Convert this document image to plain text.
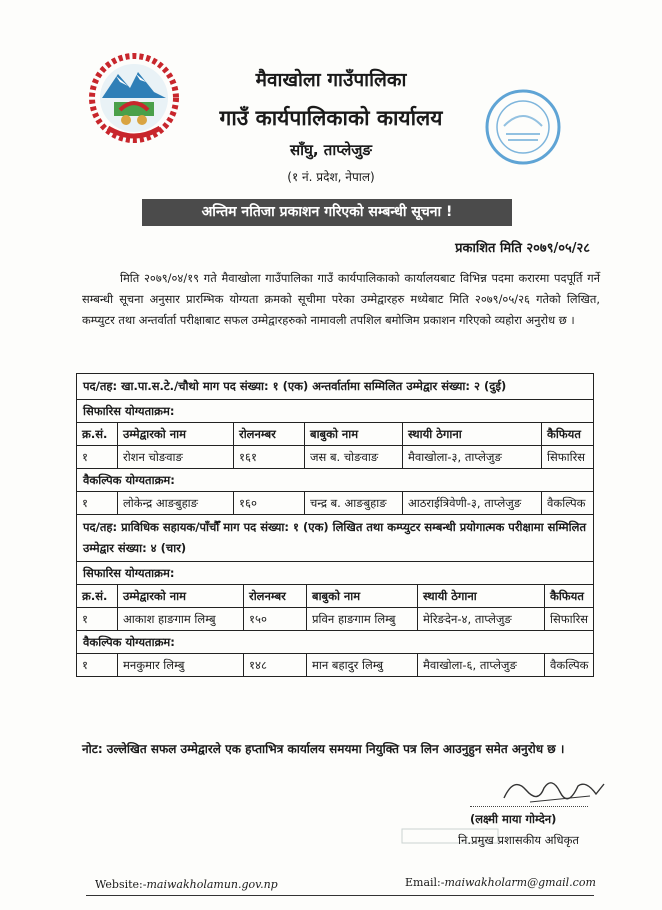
मैवाखोला गाउँपालिका
गाउँ कार्यपालिकाको कार्यालय
साँघु, ताप्लेजुङ
(१ नं. प्रदेश, नेपाल)
अन्तिम नतिजा प्रकाशन गरिएको सम्बन्धी सूचना !
प्रकाशित मिति २०७९/०५/२८
मिति २०७९/०४/१९ गते मैवाखोला गाउँपालिका गाउँ कार्यपालिकाको कार्यालयबाट विभिन्न पदमा करारमा पदपूर्ति गर्ने सम्बन्धी सूचना अनुसार प्रारम्भिक योग्यता क्रमको सूचीमा परेका उम्मेद्वारहरु मध्येबाट मिति २०७९/०५/२६ गतेको लिखित, कम्प्युटर तथा अन्तर्वार्ता परीक्षाबाट सफल उम्मेद्वारहरुको नामावली तपशिल बमोजिम प्रकाशन गरिएको व्यहोरा अनुरोध छ ।
पद/तह: खा.पा.स.टे./चौथो माग पद संख्या: १ (एक) अन्तर्वार्तामा सम्मिलित उम्मेद्वार संख्या: २ (दुई)
सिफारिस योग्यताक्रम:
क्र.सं.	उम्मेद्वारको नाम	रोलनम्बर	बाबुको नाम	स्थायी ठेगाना	कैफियत
१	रोशन चोङवाङ	१६१	जस ब. चोङवाङ	मैवाखोला-३, ताप्लेजुङ	सिफारिस
वैकल्पिक योग्यताक्रम:
१	लोकेन्द्र आङबुहाङ	१६०	चन्द्र ब. आङबुहाङ	आठराईत्रिवेणी-३, ताप्लेजुङ	वैकल्पिक
पद/तह: प्राविधिक सहायक/पाँचौँ माग पद संख्या: १ (एक) लिखित तथा कम्प्युटर सम्बन्धी प्रयोगात्मक परीक्षामा सम्मिलित उम्मेद्वार संख्या: ४ (चार)
सिफारिस योग्यताक्रम:
क्र.सं.	उम्मेद्वारको नाम	रोलनम्बर	बाबुको नाम	स्थायी ठेगाना	कैफियत
१	आकाश हाङगाम लिम्बु	१५०	प्रविन हाङगाम लिम्बु	मेरिङदेन-४, ताप्लेजुङ	सिफारिस
वैकल्पिक योग्यताक्रम:
१	मनकुमार लिम्बु	१४८	मान बहादुर लिम्बु	मैवाखोला-६, ताप्लेजुङ	वैकल्पिक
नोट: उल्लेखित सफल उम्मेद्वारले एक हप्ताभित्र कार्यालय समयमा नियुक्ति पत्र लिन आउनुहुन समेत अनुरोध छ ।
(लक्ष्मी माया गोम्देन)
नि.प्रमुख प्रशासकीय अधिकृत
Website:-maiwakholamun.gov.np	Email:-maiwakholarm@gmail.com
